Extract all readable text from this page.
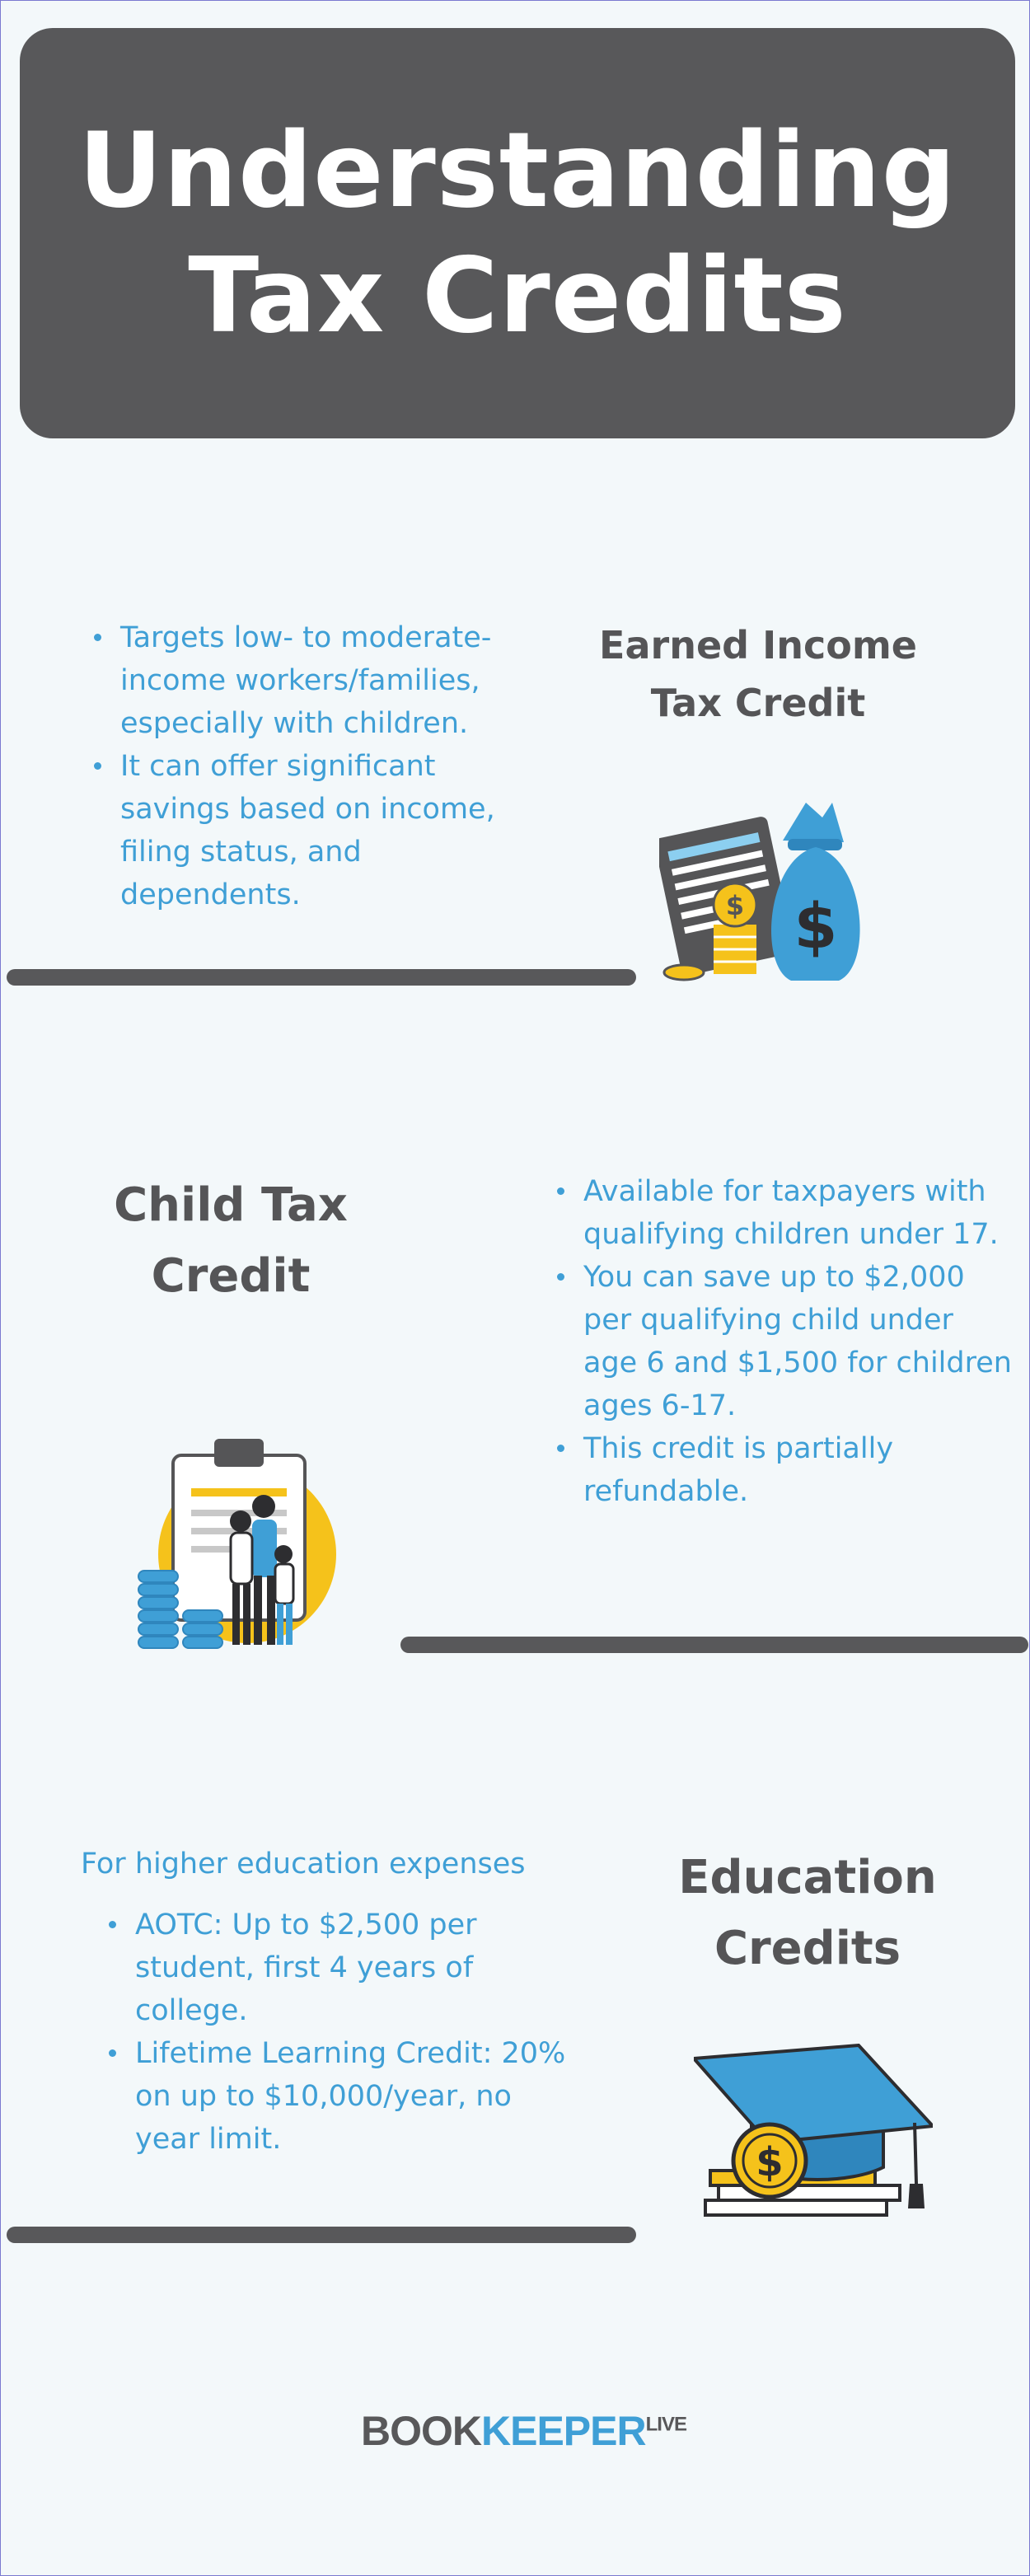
Understanding Tax Credits
Targets low- to moderate-income workers/families, especially with children.
It can offer significant savings based on income, filing status, and dependents.
Earned Income Tax Credit
$
$
Child Tax Credit
Available for taxpayers with qualifying children under 17.
You can save up to $2,000 per qualifying child under age 6 and $1,500 for children ages 6-17.
This credit is partially refundable.
For higher education expenses
AOTC: Up to $2,500 per student, first 4 years of college.
Lifetime Learning Credit: 20% on up to $10,000/year, no year limit.
Education Credits
$
$BOOKKEEPER^{LIVE}$
